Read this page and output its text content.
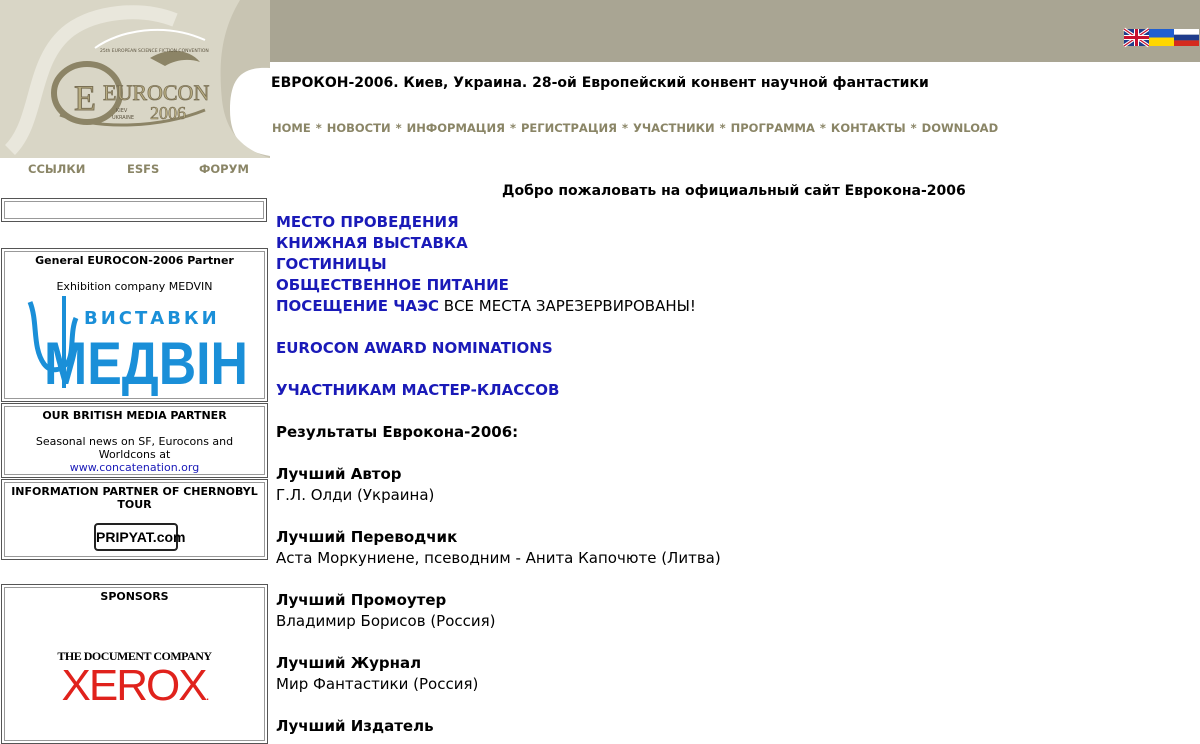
E EUROCON
2006
25th EUROPEAN SCIENCE FICTION CONVENTION
KIEV
UKRAINE
ЕВРОКОН-2006. Киев, Украина. 28-ой Европейский конвент научной фантастики
HOME * НОВОСТИ * ИНФОРМАЦИЯ * РЕГИСТРАЦИЯ * УЧАСТНИКИ * ПРОГРАММА * КОНТАКТЫ * DOWNLOAD
ССЫЛКИ	ESFS	ФОРУМ
General EUROCON-2006 Partner
Exhibition company MEDVIN
ВИСТАВКИ
МЕДВIН
OUR BRITISH MEDIA PARTNER
Seasonal news on SF, Eurocons and Worldcons at
www.concatenation.org
INFORMATION PARTNER OF CHERNOBYL TOUR
PRIPYAT.com
SPONSORS
THE DOCUMENT COMPANY
XEROX.
Добро пожаловать на официальный сайт Еврокона-2006
МЕСТО ПРОВЕДЕНИЯ
КНИЖНАЯ ВЫСТАВКА
ГОСТИНИЦЫ
ОБЩЕСТВЕННОЕ ПИТАНИЕ
ПОСЕЩЕНИЕ ЧАЭС ВСЕ МЕСТА ЗАРЕЗЕРВИРОВАНЫ!
EUROCON AWARD NOMINATIONS
УЧАСТНИКАМ МАСТЕР-КЛАССОВ
Результаты Еврокона-2006:
Лучший Автор
Г.Л. Олди (Украина)
Лучший Переводчик
Аста Моркуниене, псеводним - Анита Капочюте (Литва)
Лучший Промоутер
Владимир Борисов (Россия)
Лучший Журнал
Мир Фантастики (Россия)
Лучший Издатель
